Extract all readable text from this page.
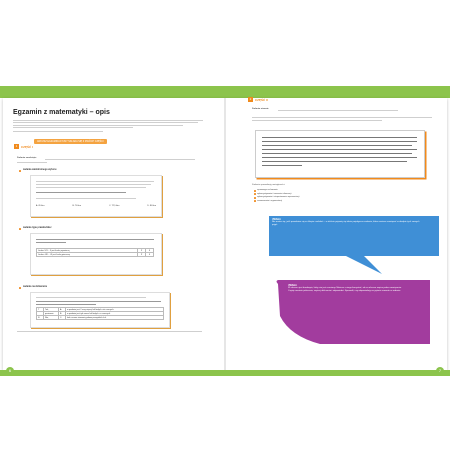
Egzamin z matematyki – opis
ARKUSZ EGZAMINACYJNY SKŁADA SIĘ Z DWÓCH CZĘŚCI
1	CZĘŚĆ I
Zadania zamknięte
zadania wielokrotnego wyboru
A. 65 litra	B. 70 litra	C. 72,5 litra	D. 80 litra
zadania typu prawda-fałsz
Liczba 3√3 – 3 jest liczbą wymierną	P	F
Liczba √48 – √3 jest liczbą pierwszą	P	F
zadania na dobieranie
T	Tak,	A.	w podaniu jest 2 razy więcej kul białych niż czarnych.
	ponieważ	B.	w podaniu jest tyle samo kul białych co czarnych.
N	Nie,	C.	kule czarne stanowią połowę wszystkich kul.
6
2	CZĘŚĆ II
Zadania otwarte
Zadania sprawdzają umiejętności:
sprawnego rachowania
wykorzystywania i tworzenia informacji
wykorzystywania i interpretowania reprezentacji
rozumowania i argumentacji
UWAGA
Nie martw się, jeśli prawdziwe się w sklepie czekałeś – w tekście pojawią się także pojedyncze zadania, które możesz rozwiązać w obrębie tych samych pojęć.
UWAGA
W arkuszu jest brudnopis, który nie jest oceniany. Możesz z niego korzystać, ale w arkuszu zapisz pełne rozwiązanie. Czytaj uważnie polecenia, zapisuj obliczenia i odpowiedzi. Sprawdź, czy odpowiadają na pytanie zawarte w zadaniu.
7
